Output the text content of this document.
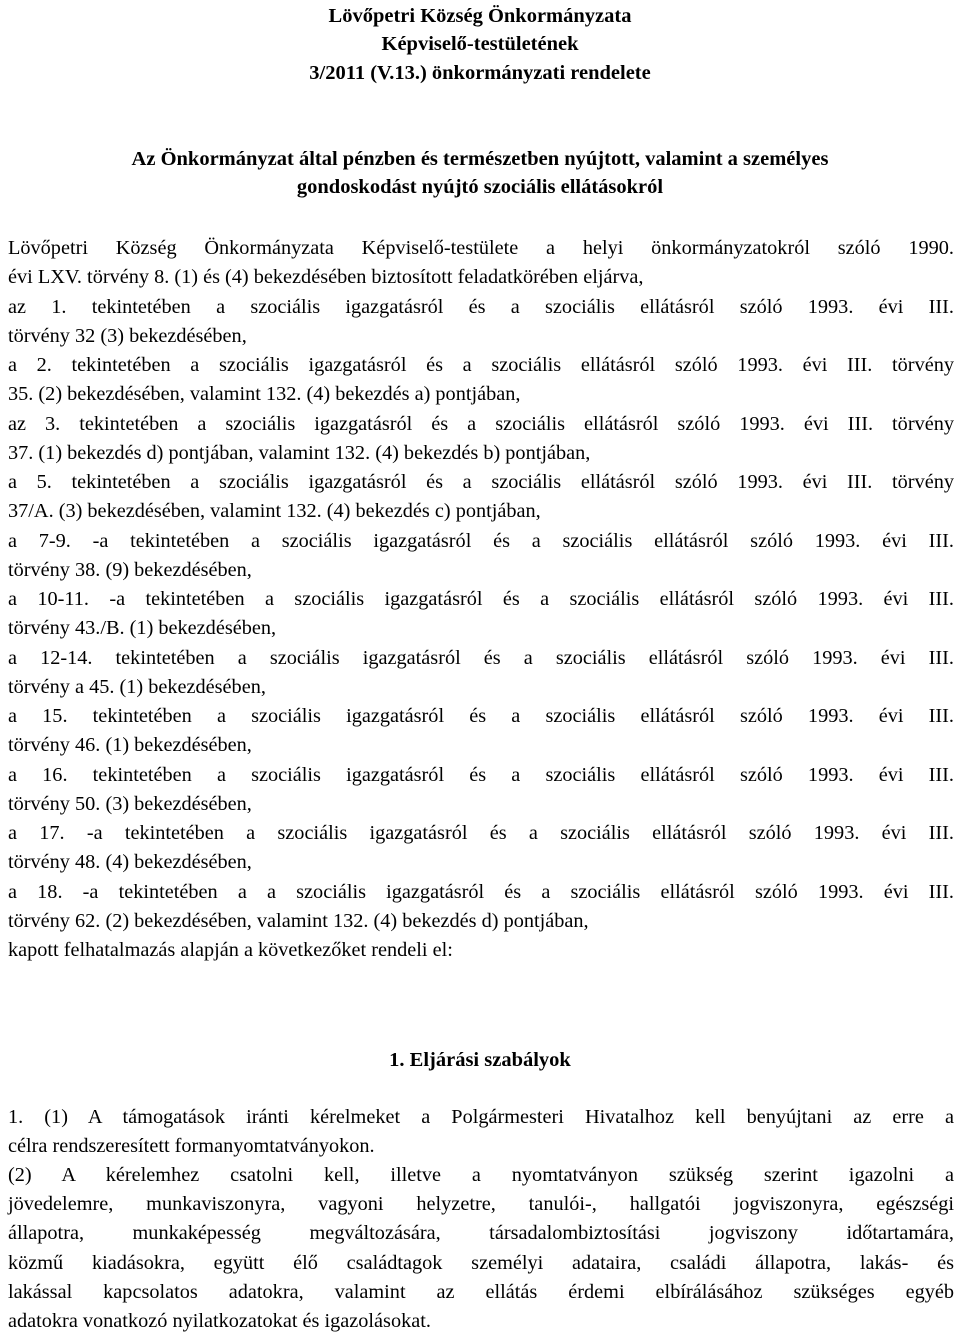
Lövőpetri Község Önkormányzata

Képviselő-testületének

3/2011 (V.13.) önkormányzati rendelete

Az Önkormányzat által pénzben és természetben nyújtott, valamint a személyes

gondoskodást nyújtó szociális ellátásokról

Lövőpetri Község Önkormányzata Képviselő-testülete a helyi önkormányzatokról szóló 1990.
évi LXV. törvény 8. (1) és (4) bekezdésében biztosított feladatkörében eljárva,
az 1. tekintetében a szociális igazgatásról és a szociális ellátásról szóló 1993. évi III.
törvény 32 (3) bekezdésében,
a 2. tekintetében a szociális igazgatásról és a szociális ellátásról szóló 1993. évi III. törvény
35. (2) bekezdésében, valamint 132. (4) bekezdés a) pontjában,
az 3. tekintetében a szociális igazgatásról és a szociális ellátásról szóló 1993. évi III. törvény
37. (1) bekezdés d) pontjában, valamint 132. (4) bekezdés b) pontjában,
a 5. tekintetében a szociális igazgatásról és a szociális ellátásról szóló 1993. évi III. törvény
37/A. (3) bekezdésében, valamint 132. (4) bekezdés c) pontjában,
a 7-9. -a tekintetében a szociális igazgatásról és a szociális ellátásról szóló 1993. évi III.
törvény 38. (9) bekezdésében,
a 10-11. -a tekintetében a szociális igazgatásról és a szociális ellátásról szóló 1993. évi III.
törvény 43./B. (1) bekezdésében,
a 12-14. tekintetében a szociális igazgatásról és a szociális ellátásról szóló 1993. évi III.
törvény a 45. (1) bekezdésében,
a 15. tekintetében a szociális igazgatásról és a szociális ellátásról szóló 1993. évi III.
törvény 46. (1) bekezdésében,
a 16. tekintetében a szociális igazgatásról és a szociális ellátásról szóló 1993. évi III.
törvény 50. (3) bekezdésében,
a 17. -a tekintetében a szociális igazgatásról és a szociális ellátásról szóló 1993. évi III.
törvény 48. (4) bekezdésében,
a 18. -a tekintetében a a szociális igazgatásról és a szociális ellátásról szóló 1993. évi III.
törvény 62. (2) bekezdésében, valamint 132. (4) bekezdés d) pontjában,
kapott felhatalmazás alapján a következőket rendeli el:
1. Eljárási szabályok
1. (1) A támogatások iránti kérelmeket a Polgármesteri Hivatalhoz kell benyújtani az erre a
célra rendszeresített formanyomtatványokon.
(2) A kérelemhez csatolni kell, illetve a nyomtatványon szükség szerint igazolni a
jövedelemre, munkaviszonyra, vagyoni helyzetre, tanulói-, hallgatói jogviszonyra, egészségi
állapotra, munkaképesség megváltozására, társadalombiztosítási jogviszony időtartamára,
közmű kiadásokra, együtt élő családtagok személyi adataira, családi állapotra, lakás- és
lakással kapcsolatos adatokra, valamint az ellátás érdemi elbírálásához szükséges egyéb
adatokra vonatkozó nyilatkozatokat és igazolásokat.
